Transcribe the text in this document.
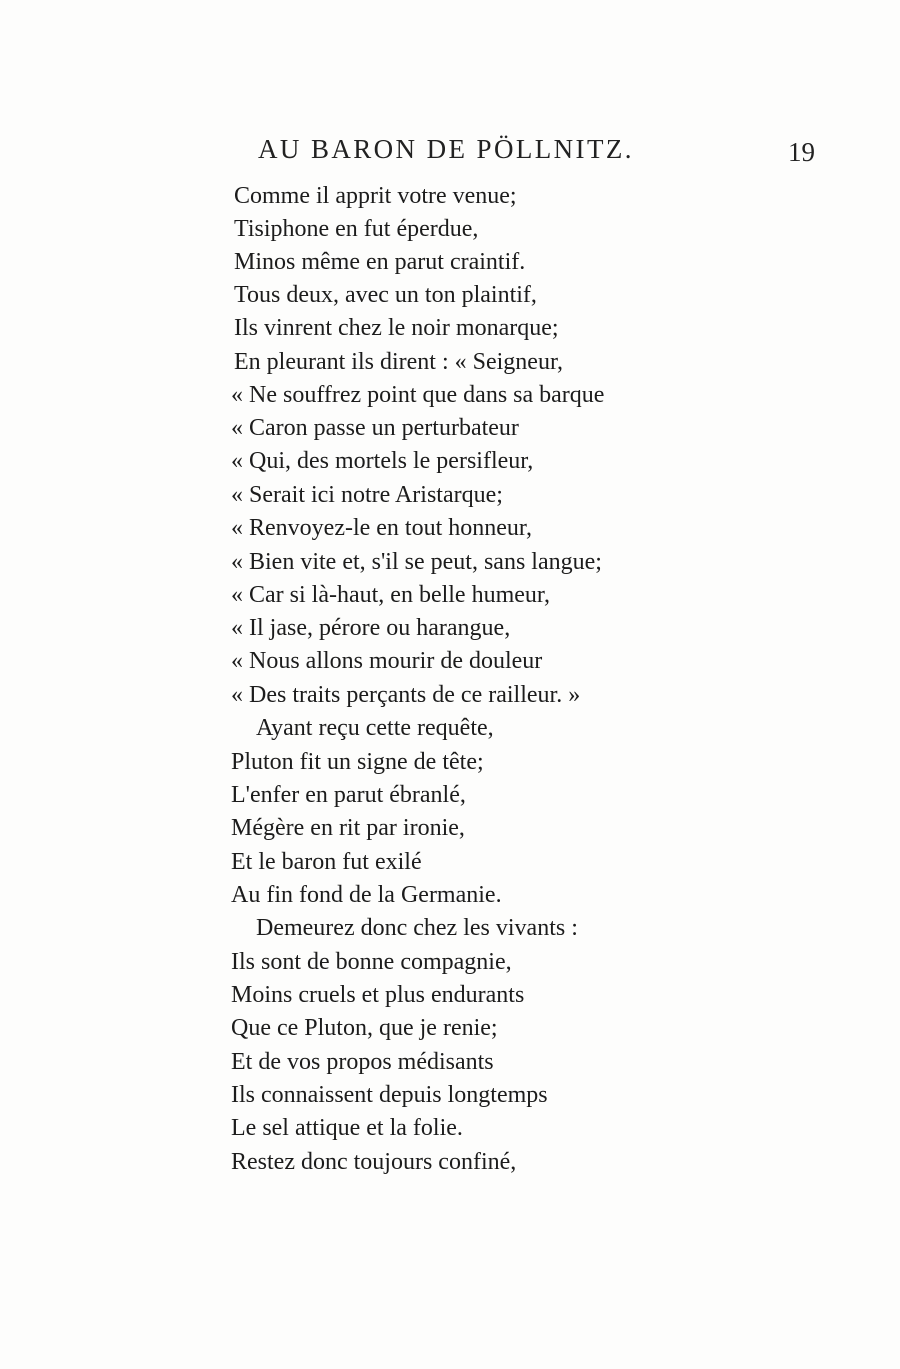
AU BARON DE PÖLLNITZ.	19
Comme il apprit votre venue;
Tisiphone en fut éperdue,
Minos même en parut craintif.
Tous deux, avec un ton plaintif,
Ils vinrent chez le noir monarque;
En pleurant ils dirent : « Seigneur,
« Ne souffrez point que dans sa barque
« Caron passe un perturbateur
« Qui, des mortels le persifleur,
« Serait ici notre Aristarque;
« Renvoyez-le en tout honneur,
« Bien vite et, s'il se peut, sans langue;
« Car si là-haut, en belle humeur,
« Il jase, pérore ou harangue,
« Nous allons mourir de douleur
« Des traits perçants de ce railleur. »
Ayant reçu cette requête,
Pluton fit un signe de tête;
L'enfer en parut ébranlé,
Mégère en rit par ironie,
Et le baron fut exilé
Au fin fond de la Germanie.
Demeurez donc chez les vivants :
Ils sont de bonne compagnie,
Moins cruels et plus endurants
Que ce Pluton, que je renie;
Et de vos propos médisants
Ils connaissent depuis longtemps
Le sel attique et la folie.
Restez donc toujours confiné,
